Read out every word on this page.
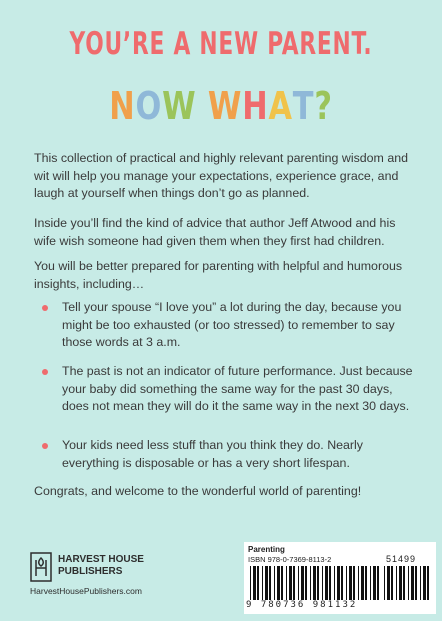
YOU’RE A NEW PARENT.
NOW WHAT?

This collection of practical and highly relevant parenting wisdom and wit will help you manage your expectations, experience grace, and laugh at yourself when things don’t go as planned.

Inside you’ll find the kind of advice that author Jeff Atwood and his wife wish someone had given them when they first had children.

You will be better prepared for parenting with helpful and humorous insights, including…

Tell your spouse “I love you” a lot during the day, because you might be too exhausted (or too stressed) to remember to say those words at 3 a.m.
The past is not an indicator of future performance. Just because your baby did something the same way for the past 30 days, does not mean they will do it the same way in the next 30 days.
Your kids need less stuff than you think they do. Nearly everything is disposable or has a very short lifespan.

Congrats, and welcome to the wonderful world of parenting!

HARVEST HOUSE
PUBLISHERS
HarvestHousePublishers.com
Parenting
ISBN 978-0-7369-8113-2	51499
9 780736 981132
